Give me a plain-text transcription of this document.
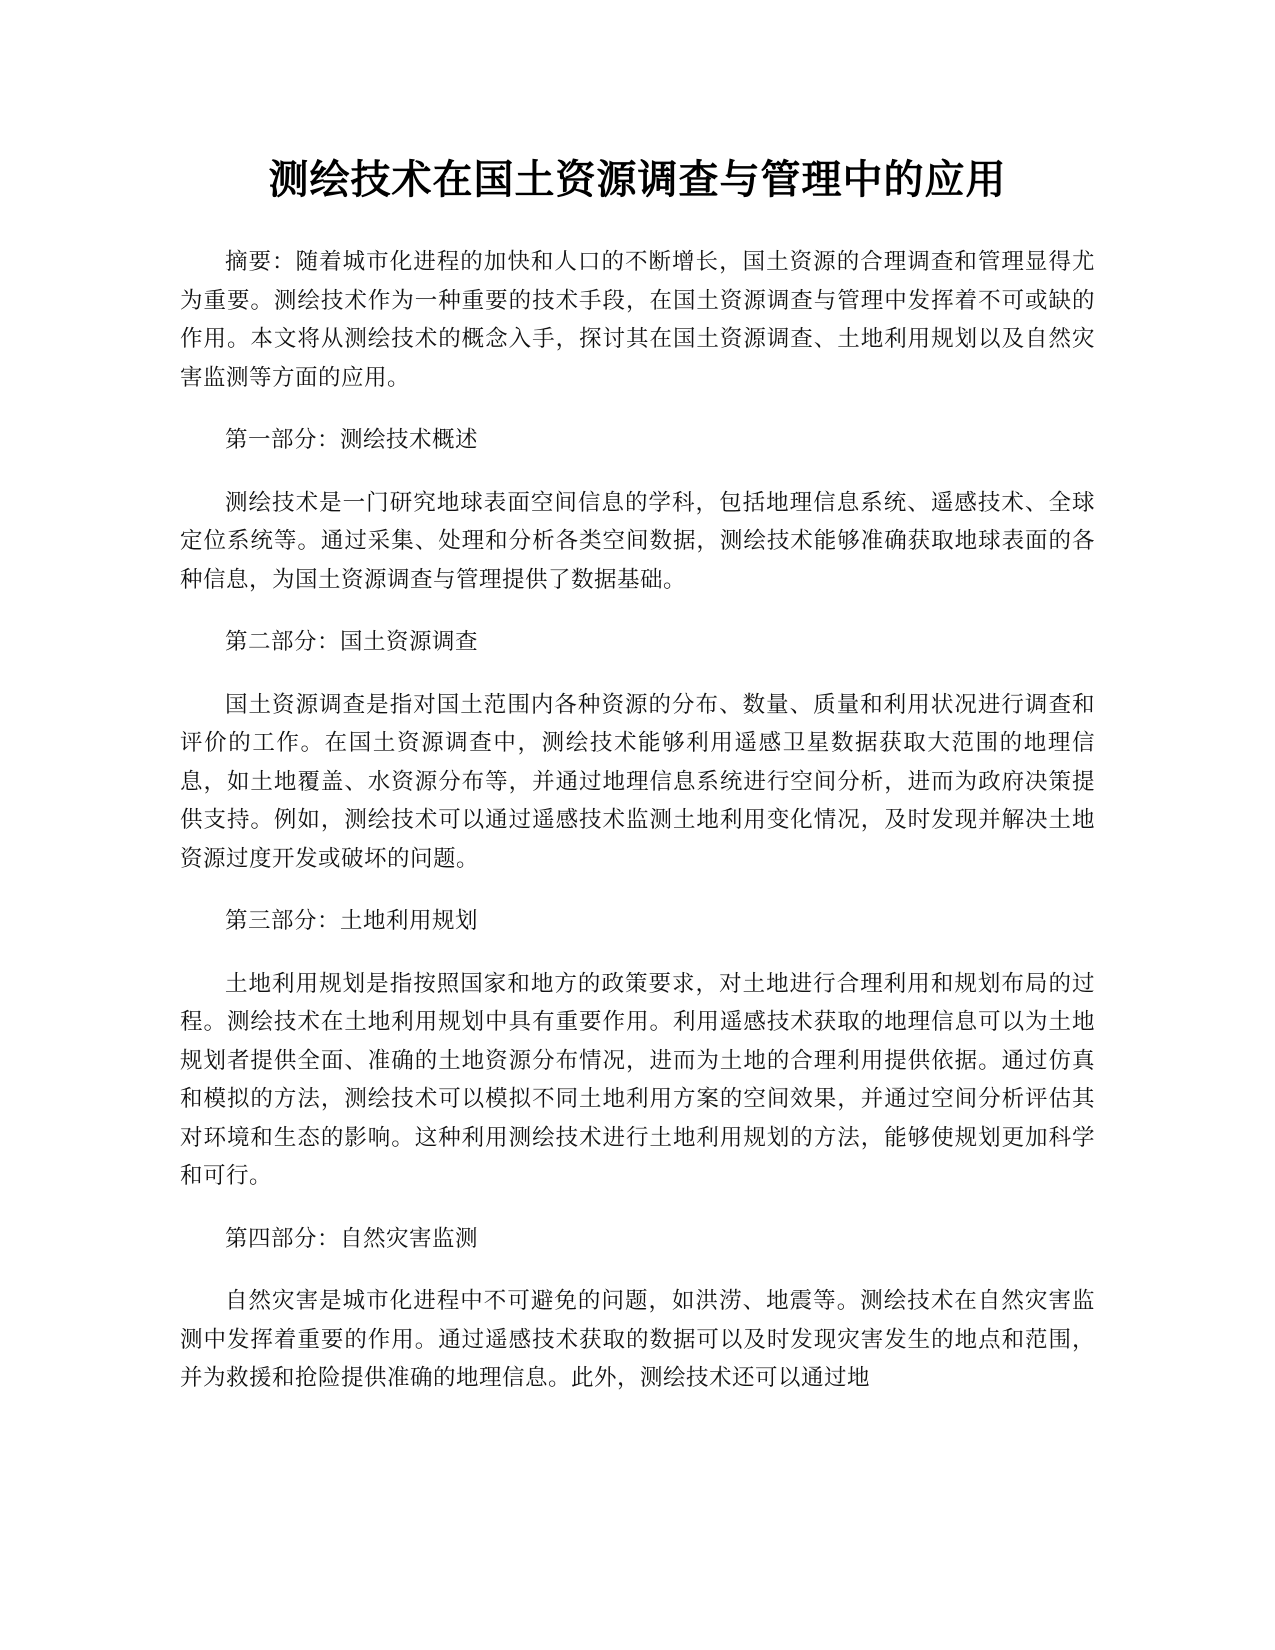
测绘技术在国土资源调查与管理中的应用

摘要：随着城市化进程的加快和人口的不断增长，国土资源的合理调查和管理显得尤为重要。测绘技术作为一种重要的技术手段，在国土资源调查与管理中发挥着不可或缺的作用。本文将从测绘技术的概念入手，探讨其在国土资源调查、土地利用规划以及自然灾害监测等方面的应用。

第一部分：测绘技术概述

测绘技术是一门研究地球表面空间信息的学科，包括地理信息系统、遥感技术、全球定位系统等。通过采集、处理和分析各类空间数据，测绘技术能够准确获取地球表面的各种信息，为国土资源调查与管理提供了数据基础。

第二部分：国土资源调查

国土资源调查是指对国土范围内各种资源的分布、数量、质量和利用状况进行调查和评价的工作。在国土资源调查中，测绘技术能够利用遥感卫星数据获取大范围的地理信息，如土地覆盖、水资源分布等，并通过地理信息系统进行空间分析，进而为政府决策提供支持。例如，测绘技术可以通过遥感技术监测土地利用变化情况，及时发现并解决土地资源过度开发或破坏的问题。

第三部分：土地利用规划

土地利用规划是指按照国家和地方的政策要求，对土地进行合理利用和规划布局的过程。测绘技术在土地利用规划中具有重要作用。利用遥感技术获取的地理信息可以为土地规划者提供全面、准确的土地资源分布情况，进而为土地的合理利用提供依据。通过仿真和模拟的方法，测绘技术可以模拟不同土地利用方案的空间效果，并通过空间分析评估其对环境和生态的影响。这种利用测绘技术进行土地利用规划的方法，能够使规划更加科学和可行。

第四部分：自然灾害监测

自然灾害是城市化进程中不可避免的问题，如洪涝、地震等。测绘技术在自然灾害监测中发挥着重要的作用。通过遥感技术获取的数据可以及时发现灾害发生的地点和范围，并为救援和抢险提供准确的地理信息。此外，测绘技术还可以通过地
